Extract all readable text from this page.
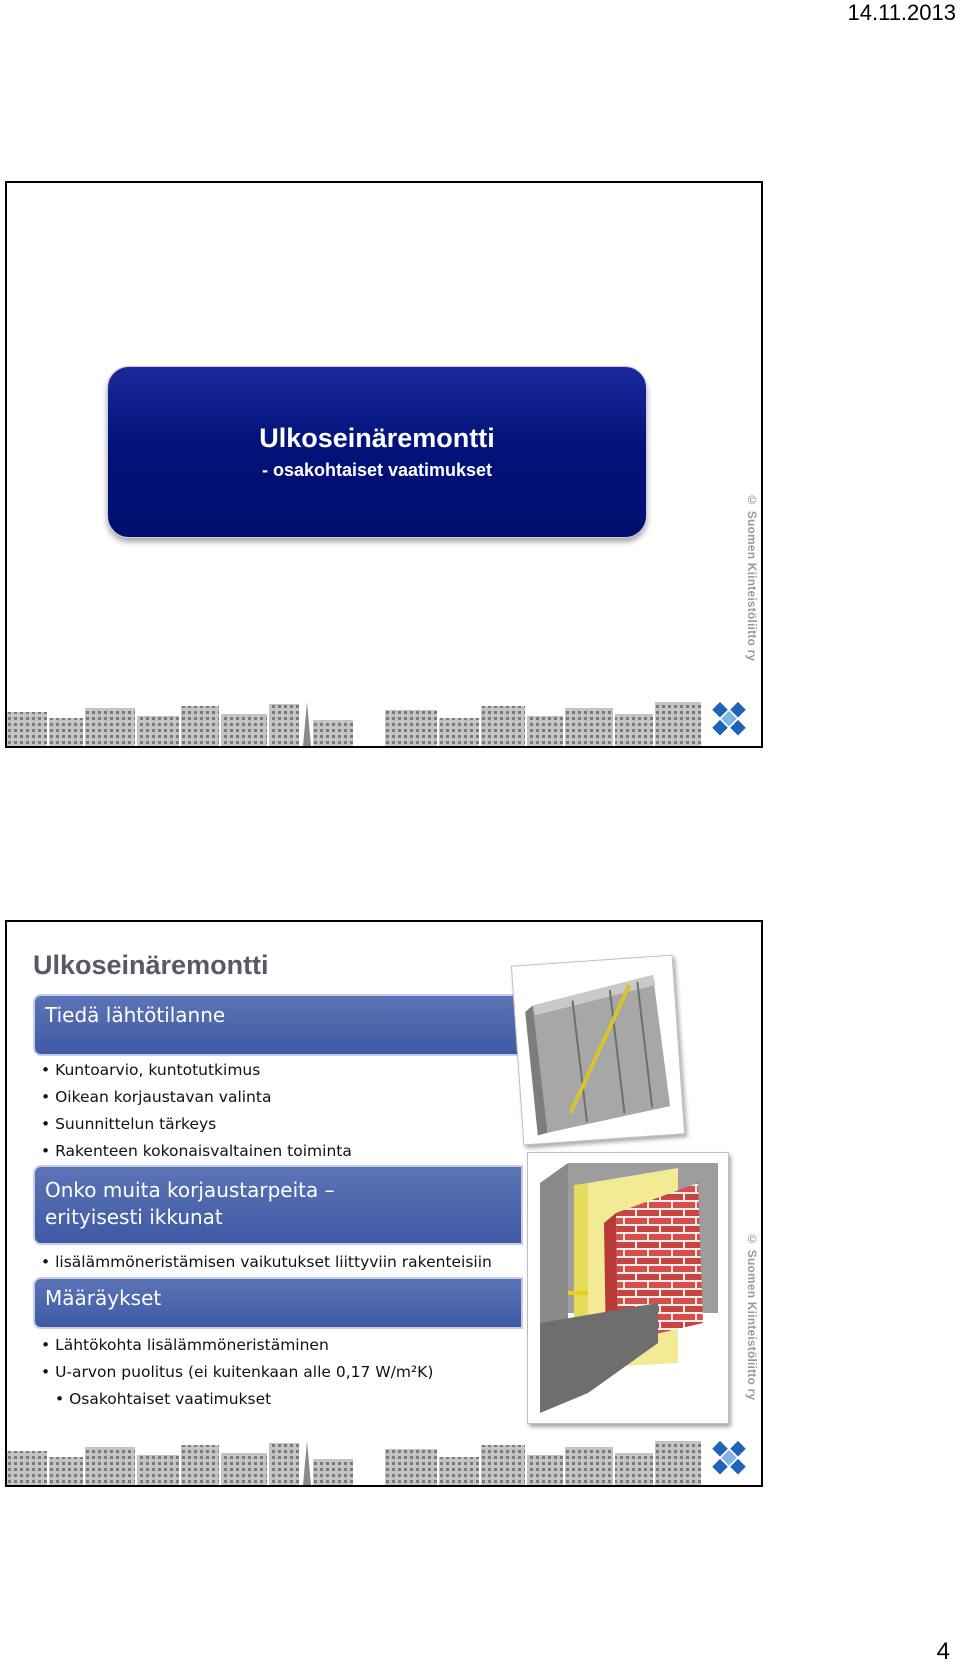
14.11.2013
Ulkoseinäremontti
- osakohtaiset vaatimukset
© Suomen Kiinteistöliitto ry
Ulkoseinäremontti
Tiedä lähtötilanne
• Kuntoarvio, kuntotutkimus
• Oikean korjaustavan valinta
• Suunnittelun tärkeys
• Rakenteen kokonaisvaltainen toiminta
Onko muita korjaustarpeita –
erityisesti ikkunat
• lisälämmöneristämisen vaikutukset liittyviin rakenteisiin
Määräykset
• Lähtökohta lisälämmöneristäminen
• U-arvon puolitus (ei kuitenkaan alle 0,17 W/m²K)
• Osakohtaiset vaatimukset	© Suomen Kiinteistöliitto ry
4
